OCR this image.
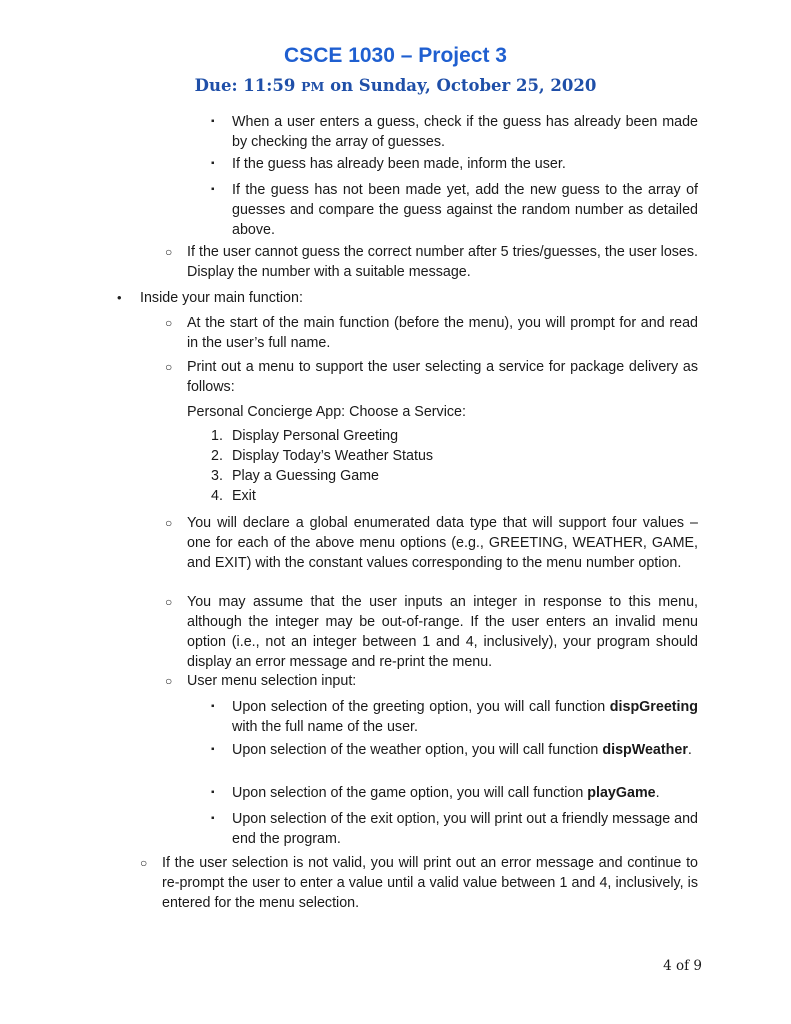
CSCE 1030 – Project 3
Due: 11:59 PM on Sunday, October 25, 2020
▪ When a user enters a guess, check if the guess has already been made by checking the array of guesses.
▪ If the guess has already been made, inform the user.
▪ If the guess has not been made yet, add the new guess to the array of guesses and compare the guess against the random number as detailed above.
○ If the user cannot guess the correct number after 5 tries/guesses, the user loses. Display the number with a suitable message.
• Inside your main function:
○ At the start of the main function (before the menu), you will prompt for and read in the user’s full name.
○ Print out a menu to support the user selecting a service for package delivery as follows:
Personal Concierge App: Choose a Service:
1. Display Personal Greeting
2. Display Today’s Weather Status
3. Play a Guessing Game
4. Exit
○ You will declare a global enumerated data type that will support four values – one for each of the above menu options (e.g., GREETING, WEATHER, GAME, and EXIT) with the constant values corresponding to the menu number option.
○ You may assume that the user inputs an integer in response to this menu, although the integer may be out-of-range. If the user enters an invalid menu option (i.e., not an integer between 1 and 4, inclusively), your program should display an error message and re-print the menu.
○ User menu selection input:
▪ Upon selection of the greeting option, you will call function dispGreeting with the full name of the user.
▪ Upon selection of the weather option, you will call function dispWeather.
▪ Upon selection of the game option, you will call function playGame.
▪ Upon selection of the exit option, you will print out a friendly message and end the program.
○ If the user selection is not valid, you will print out an error message and continue to re-prompt the user to enter a value until a valid value between 1 and 4, inclusively, is entered for the menu selection.
4 of 9
